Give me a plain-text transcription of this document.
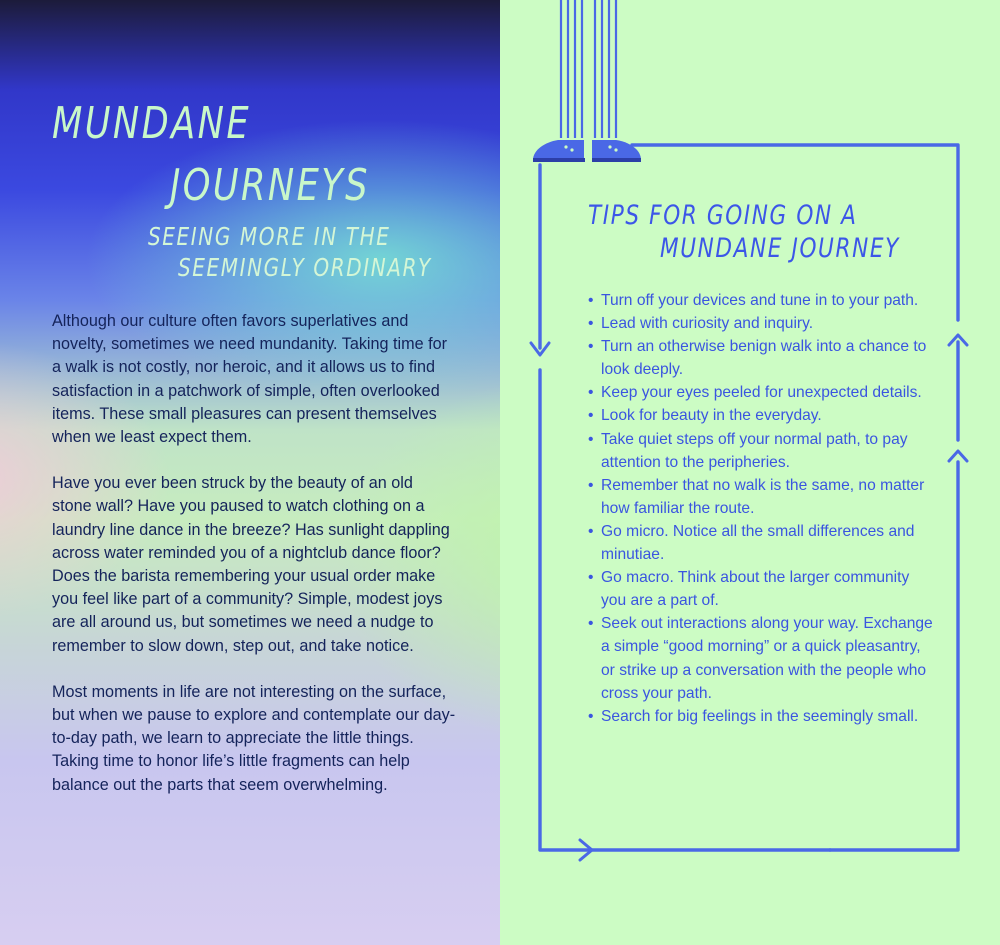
MUNDANE
JOURNEYS
SEEING MORE IN THE
SEEMINGLY ORDINARY

Although our culture often favors superlatives and novelty, sometimes we need mundanity. Taking time for a walk is not costly, nor heroic, and it allows us to find satisfaction in a patchwork of simple, often overlooked items. These small pleasures can present themselves when we least expect them.

Have you ever been struck by the beauty of an old stone wall? Have you paused to watch clothing on a laundry line dance in the breeze? Has sunlight dappling across water reminded you of a nightclub dance floor? Does the barista remembering your usual order make you feel like part of a community? Simple, modest joys are all around us, but sometimes we need a nudge to remember to slow down, step out, and take notice.

Most moments in life are not interesting on the surface, but when we pause to explore and contemplate our day-to-day path, we learn to appreciate the little things. Taking time to honor life’s little fragments can help balance out the parts that seem overwhelming.

TIPS FOR GOING ON A
MUNDANE JOURNEY
• Turn off your devices and tune in to your path.
• Lead with curiosity and inquiry.
• Turn an otherwise benign walk into a chance to look deeply.
• Keep your eyes peeled for unexpected details.
• Look for beauty in the everyday.
• Take quiet steps off your normal path, to pay attention to the peripheries.
• Remember that no walk is the same, no matter how familiar the route.
• Go micro. Notice all the small differences and minutiae.
• Go macro. Think about the larger community you are a part of.
• Seek out interactions along your way. Exchange a simple “good morning” or a quick pleasantry, or strike up a conversation with the people who cross your path.
• Search for big feelings in the seemingly small.
